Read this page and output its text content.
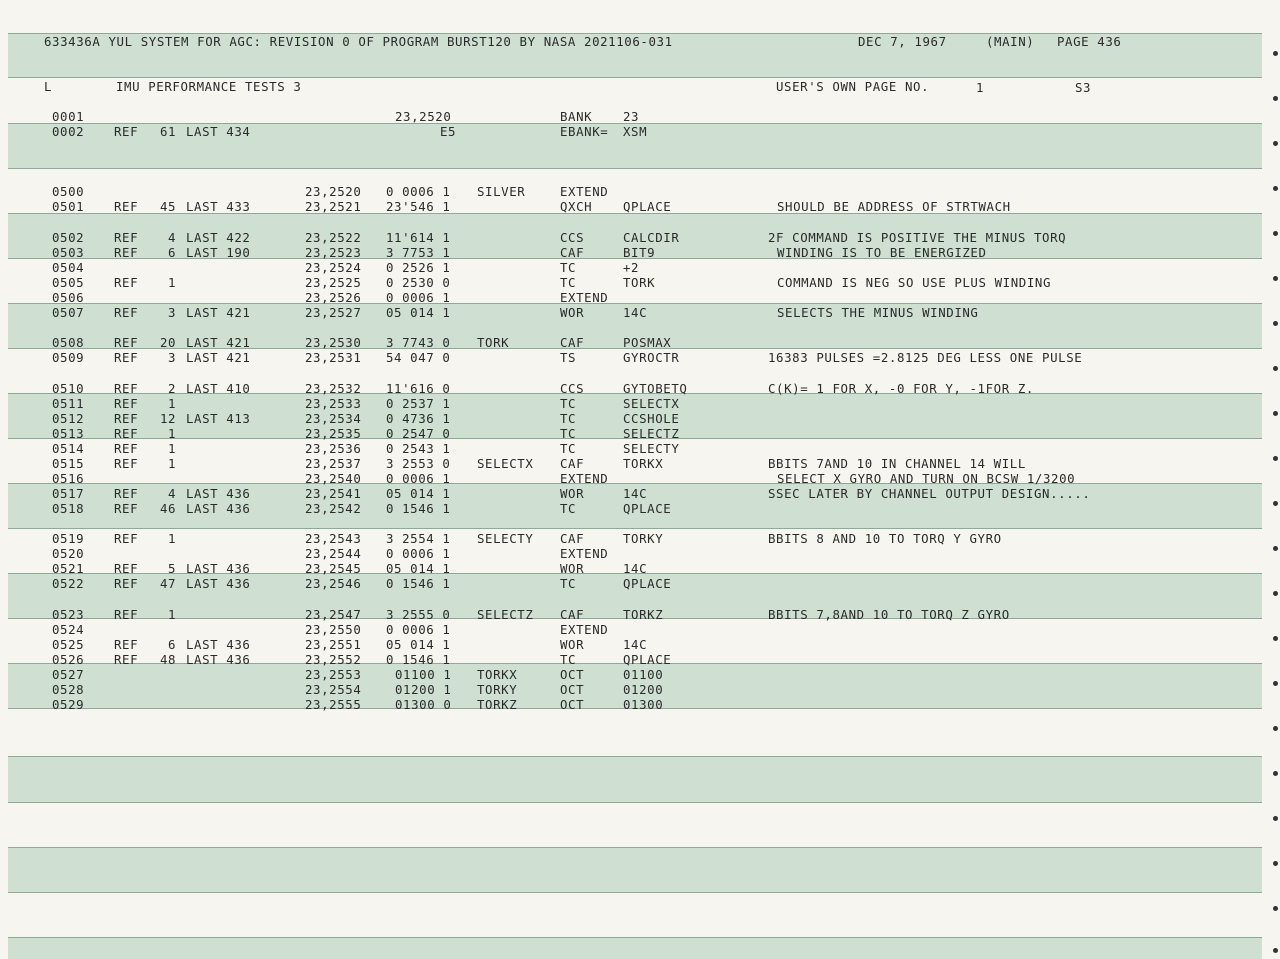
633436A YUL SYSTEM FOR AGC: REVISION 0 OF PROGRAM BURST120 BY NASA 2021106-031	DEC 7, 1967	(MAIN) PAGE 436
L	IMU PERFORMANCE TESTS 3	USER'S OWN PAGE NO.	1	S3
0001	23,2520	BANK 23
0002 REF 61 LAST 434	E5	EBANK= XSM
0500	23,2520 0 0006 1 SILVER	EXTEND
0501 REF 45 LAST 433	23,2521 23'546 1	QXCH QPLACE	SHOULD BE ADDRESS OF STRTWACH
0502 REF 4 LAST 422	23,2522 11'614 1	CCS	CALCDIR	2F COMMAND IS POSITIVE THE MINUS TORQ
0503 REF 6 LAST 190	23,2523 3 7753 1	CAF	BIT9	WINDING IS TO BE ENERGIZED
0504	23,2524 0 2526 1	TC	+2
0505 REF 1	23,2525 0 2530 0	TC	TORK	COMMAND IS NEG SO USE PLUS WINDING
0506	23,2526 0 0006 1	EXTEND
0507 REF 3 LAST 421	23,2527 05 014 1	WOR	14C	SELECTS THE MINUS WINDING
0508 REF 20 LAST 421	23,2530 3 7743 0 TORK	CAF	POSMAX
0509 REF 3 LAST 421	23,2531 54 047 0	TS	GYROCTR	16383 PULSES =2.8125 DEG LESS ONE PULSE
0510 REF 2 LAST 410	23,2532 11'616 0	CCS	GYTOBETQ	C(K)= 1 FOR X, -0 FOR Y, -1FOR Z.
0511 REF 1	23,2533 0 2537 1	TC	SELECTX
0512 REF 12 LAST 413	23,2534 0 4736 1	TC	CCSHOLE
0513 REF 1	23,2535 0 2547 0	TC	SELECTZ
0514 REF 1	23,2536 0 2543 1	TC	SELECTY
0515 REF 1	23,2537 3 2553 0 SELECTX CAF	TORKX	BBITS 7AND 10 IN CHANNEL 14 WILL
0516	23,2540 0 0006 1	EXTEND	SELECT X GYRO AND TURN ON BCSW 1/3200
0517 REF 4 LAST 436	23,2541 05 014 1	WOR	14C	SSEC LATER BY CHANNEL OUTPUT DESIGN.....
0518 REF 46 LAST 436	23,2542 0 1546 1	TC	QPLACE
0519 REF 1	23,2543 3 2554 1 SELECTY CAF	TORKY	BBITS 8 AND 10 TO TORQ Y GYRO
0520	23,2544 0 0006 1	EXTEND
0521 REF 5 LAST 436	23,2545 05 014 1	WOR	14C
0522 REF 47 LAST 436	23,2546 0 1546 1	TC	QPLACE
0523 REF 1	23,2547 3 2555 0 SELECTZ CAF	TORKZ	BBITS 7,8AND 10 TO TORQ Z GYRO
0524	23,2550 0 0006 1	EXTEND
0525 REF 6 LAST 436	23,2551 05 014 1	WOR	14C
0526 REF 48 LAST 436	23,2552 0 1546 1	TC	QPLACE
0527	23,2553	01100 1 TORKX	OCT	01100
0528	23,2554	01200 1 TORKY	OCT	01200
0529	23,2555	01300 0 TORKZ	OCT	01300
